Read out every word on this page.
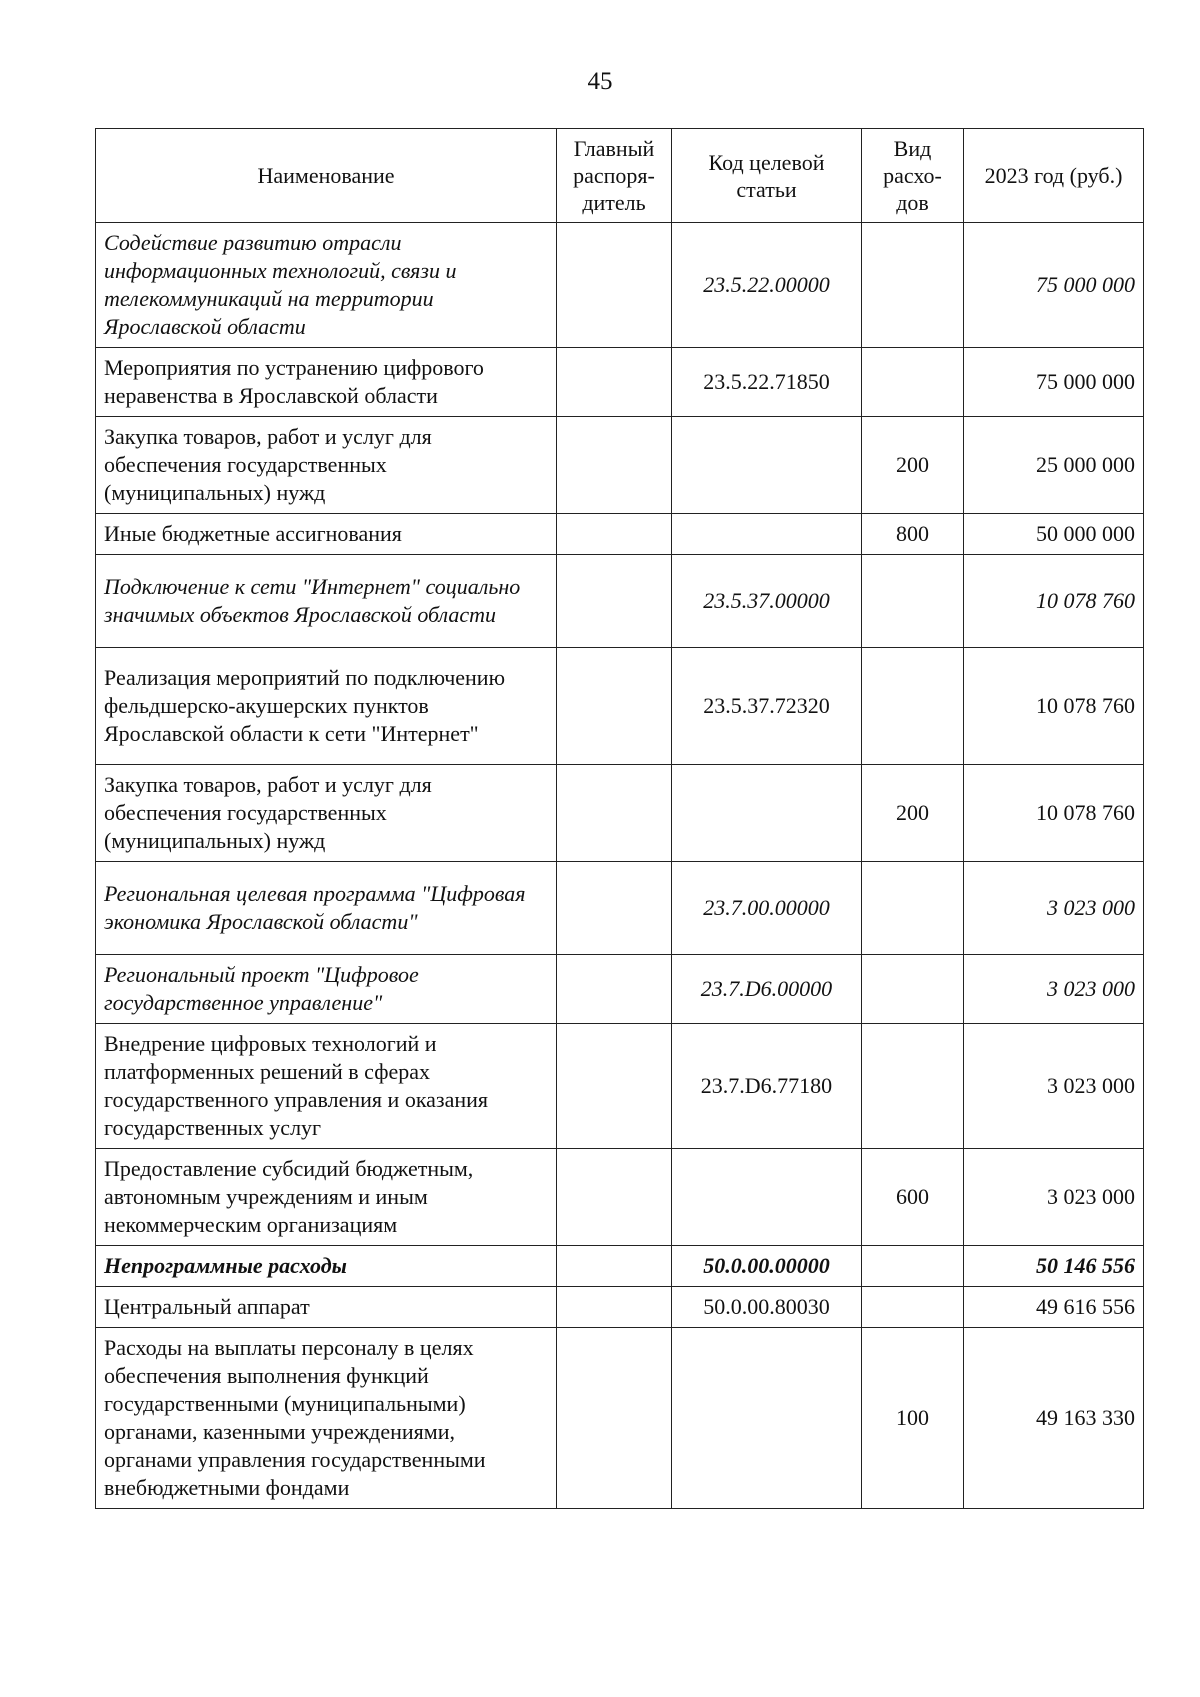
45
Наименование	Главный распоря-дитель	Код целевой статьи	Вид расхо-дов	2023 год (руб.)
Содействие развитию отрасли информационных технологий, связи и телекоммуникаций на территории Ярославской области		23.5.22.00000		75 000 000
Мероприятия по устранению цифрового неравенства в Ярославской области		23.5.22.71850		75 000 000
Закупка товаров, работ и услуг для обеспечения государственных (муниципальных) нужд			200	25 000 000
Иные бюджетные ассигнования			800	50 000 000
Подключение к сети "Интернет" социально значимых объектов Ярославской области		23.5.37.00000		10 078 760
Реализация мероприятий по подключению фельдшерско-акушерских пунктов Ярославской области к сети "Интернет"		23.5.37.72320		10 078 760
Закупка товаров, работ и услуг для обеспечения государственных (муниципальных) нужд			200	10 078 760
Региональная целевая программа "Цифровая экономика Ярославской области"		23.7.00.00000		3 023 000
Региональный проект "Цифровое государственное управление"		23.7.D6.00000		3 023 000
Внедрение цифровых технологий и платформенных решений в сферах государственного управления и оказания государственных услуг		23.7.D6.77180		3 023 000
Предоставление субсидий бюджетным, автономным учреждениям и иным некоммерческим организациям			600	3 023 000
Непрограммные расходы		50.0.00.00000		50 146 556
Центральный аппарат		50.0.00.80030		49 616 556
Расходы на выплаты персоналу в целях обеспечения выполнения функций государственными (муниципальными) органами, казенными учреждениями, органами управления государственными внебюджетными фондами			100	49 163 330
